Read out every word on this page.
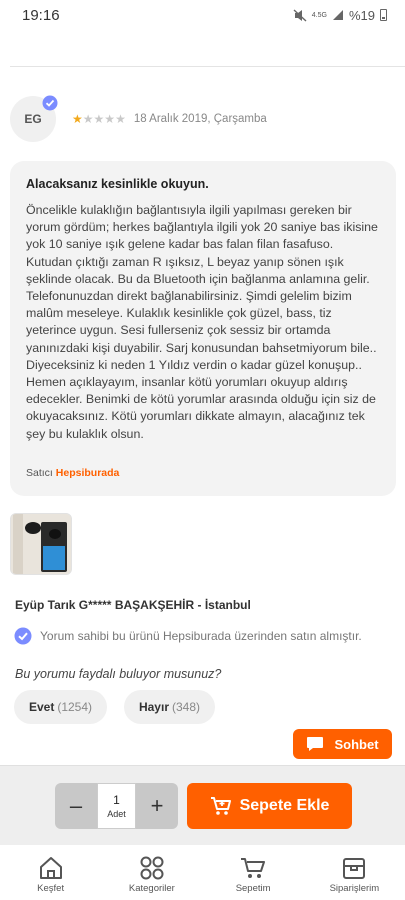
19:16	4.5G %19
EG	★ ★ ★ ★ ★ 18 Aralık 2019, Çarşamba
Alacaksanız kesinlikle okuyun.
Öncelikle kulaklığın bağlantısıyla ilgili yapılması gereken bir yorum gördüm; herkes bağlantıyla ilgili yok 20 saniye bas ikisine yok 10 saniye ışık gelene kadar bas falan filan fasafuso. Kutudan çıktığı zaman R ışıksız, L beyaz yanıp sönen ışık şeklinde olacak. Bu da Bluetooth için bağlanma anlamına gelir. Telefonunuzdan direkt bağlanabilirsiniz. Şimdi gelelim bizim malûm meseleye. Kulaklık kesinlikle çok güzel, bass, tiz yeterince uygun. Sesi fullerseniz çok sessiz bir ortamda yanınızdaki kişi duyabilir. Sarj konusundan bahsetmiyorum bile.. Diyeceksiniz ki neden 1 Yıldız verdin o kadar güzel konuşup.. Hemen açıklayayım, insanlar kötü yorumları okuyup aldırış edecekler. Benimki de kötü yorumlar arasında olduğu için siz de okuyacaksınız. Kötü yorumları dikkate almayın, alacağınız tek şey bu kulaklık olsun.
Satıcı Hepsiburada
Eyüp Tarık G***** BAŞAKŞEHİR - İstanbul
Yorum sahibi bu ürünü Hepsiburada üzerinden satın almıştır.
Bu yorumu faydalı buluyor musunuz?
Evet (1254)	Hayır (348)
Sohbet
–	1
Adet	+	Sepete Ekle
Keşfet	Kategoriler	Sepetim	Siparişlerim
